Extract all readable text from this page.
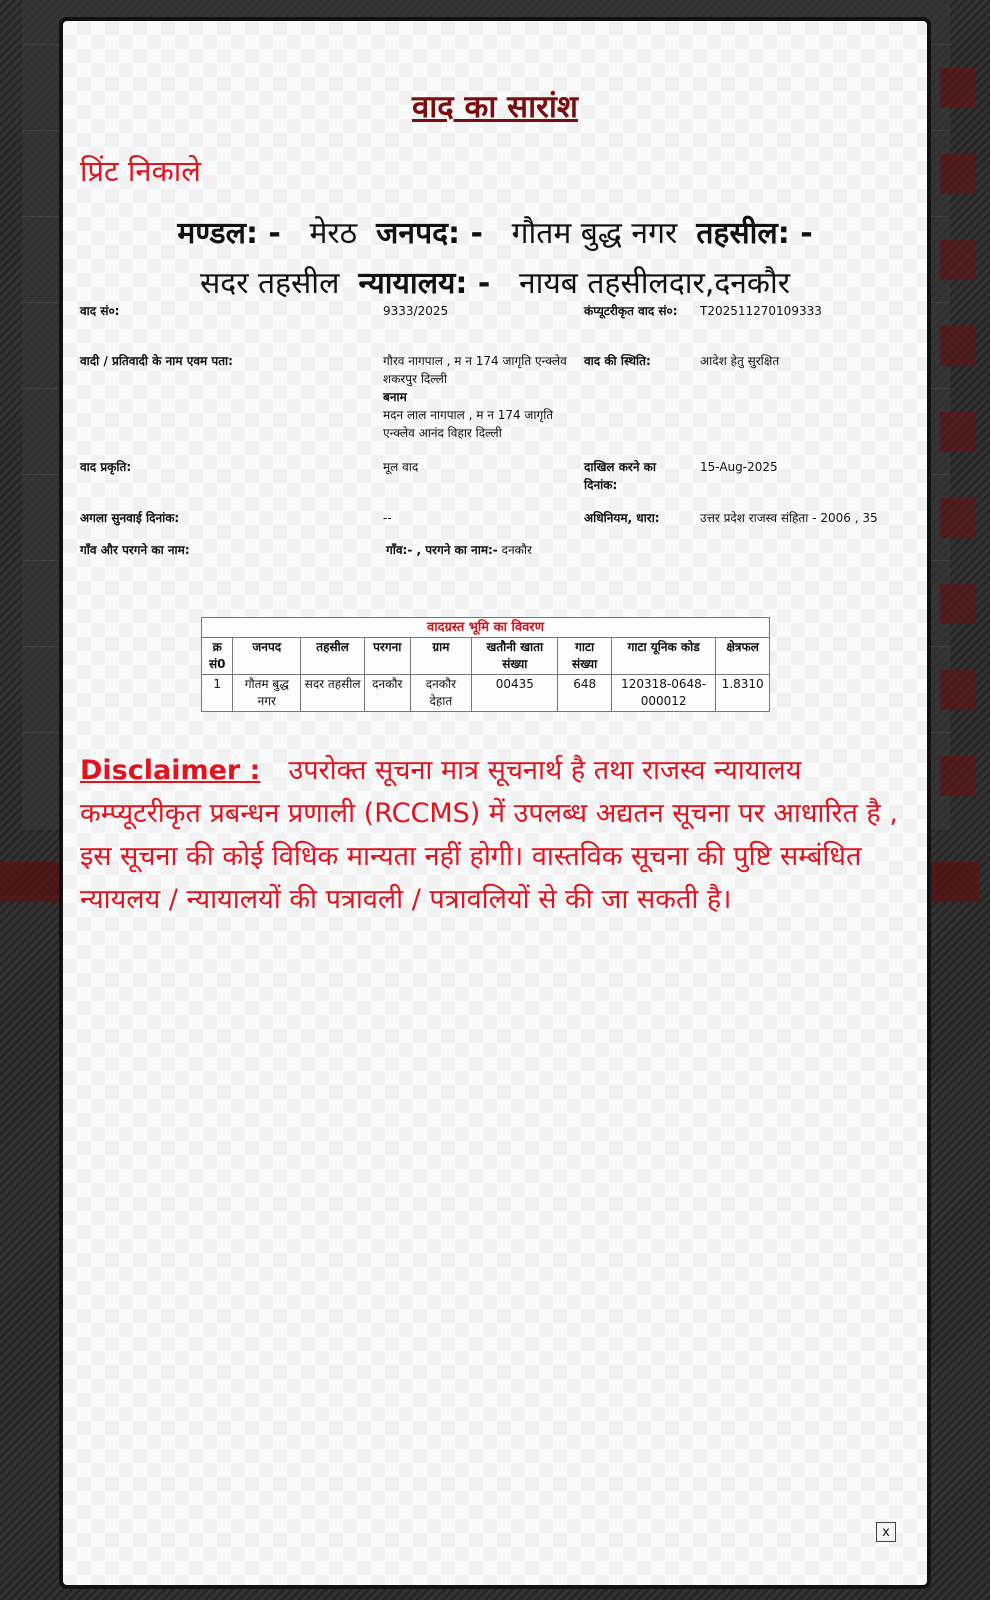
वाद का सारांश
प्रिंट निकाले
मण्डल: - मेरठ जनपद: - गौतम बुद्ध नगर तहसील: -
सदर तहसील न्यायालय: - नायब तहसीलदार,दनकौर
वाद सं०:	9333/2025	कंप्यूटरीकृत वाद सं०:	T202511270109333
वादी / प्रतिवादी के नाम एवम पता:	गौरव नागपाल , म न 174 जागृति एन्क्लेव शकरपुर दिल्ली
बनाम
मदन लाल नागपाल , म न 174 जागृति एन्क्लेव आनंद विहार दिल्ली
वाद की स्थिति:	आदेश हेतु सुरक्षित
वाद प्रकृति:	मूल वाद	दाखिल करने का दिनांक:
15-Aug-2025
अगला सुनवाई दिनांक:	--	अधिनियम, धारा:	उत्तर प्रदेश राजस्व संहिता - 2006 , 35
गाँव और परगने का नाम:	गाँव:- , परगने का नाम:- दनकौर
वादग्रस्त भूमि का विवरण								
क्र सं0	जनपद	तहसील	परगना	ग्राम	खतौनी खाता संख्या	गाटा संख्या	गाटा यूनिक कोड	क्षेत्रफल
1	गौतम बुद्ध नगर	सदर तहसील	दनकौर	दनकौर देहात	00435	648	120318-0648-000012	1.8310
Disclaimer : उपरोक्त सूचना मात्र सूचनार्थ है तथा राजस्व न्यायालय कम्प्यूटरीकृत प्रबन्धन प्रणाली (RCCMS) में उपलब्ध अद्यतन सूचना पर आधारित है , इस सूचना की कोई विधिक मान्यता नहीं होगी। वास्तविक सूचना की पुष्टि सम्बंधित न्यायलय / न्यायालयों की पत्रावली / पत्रावलियों से की जा सकती है।
x
